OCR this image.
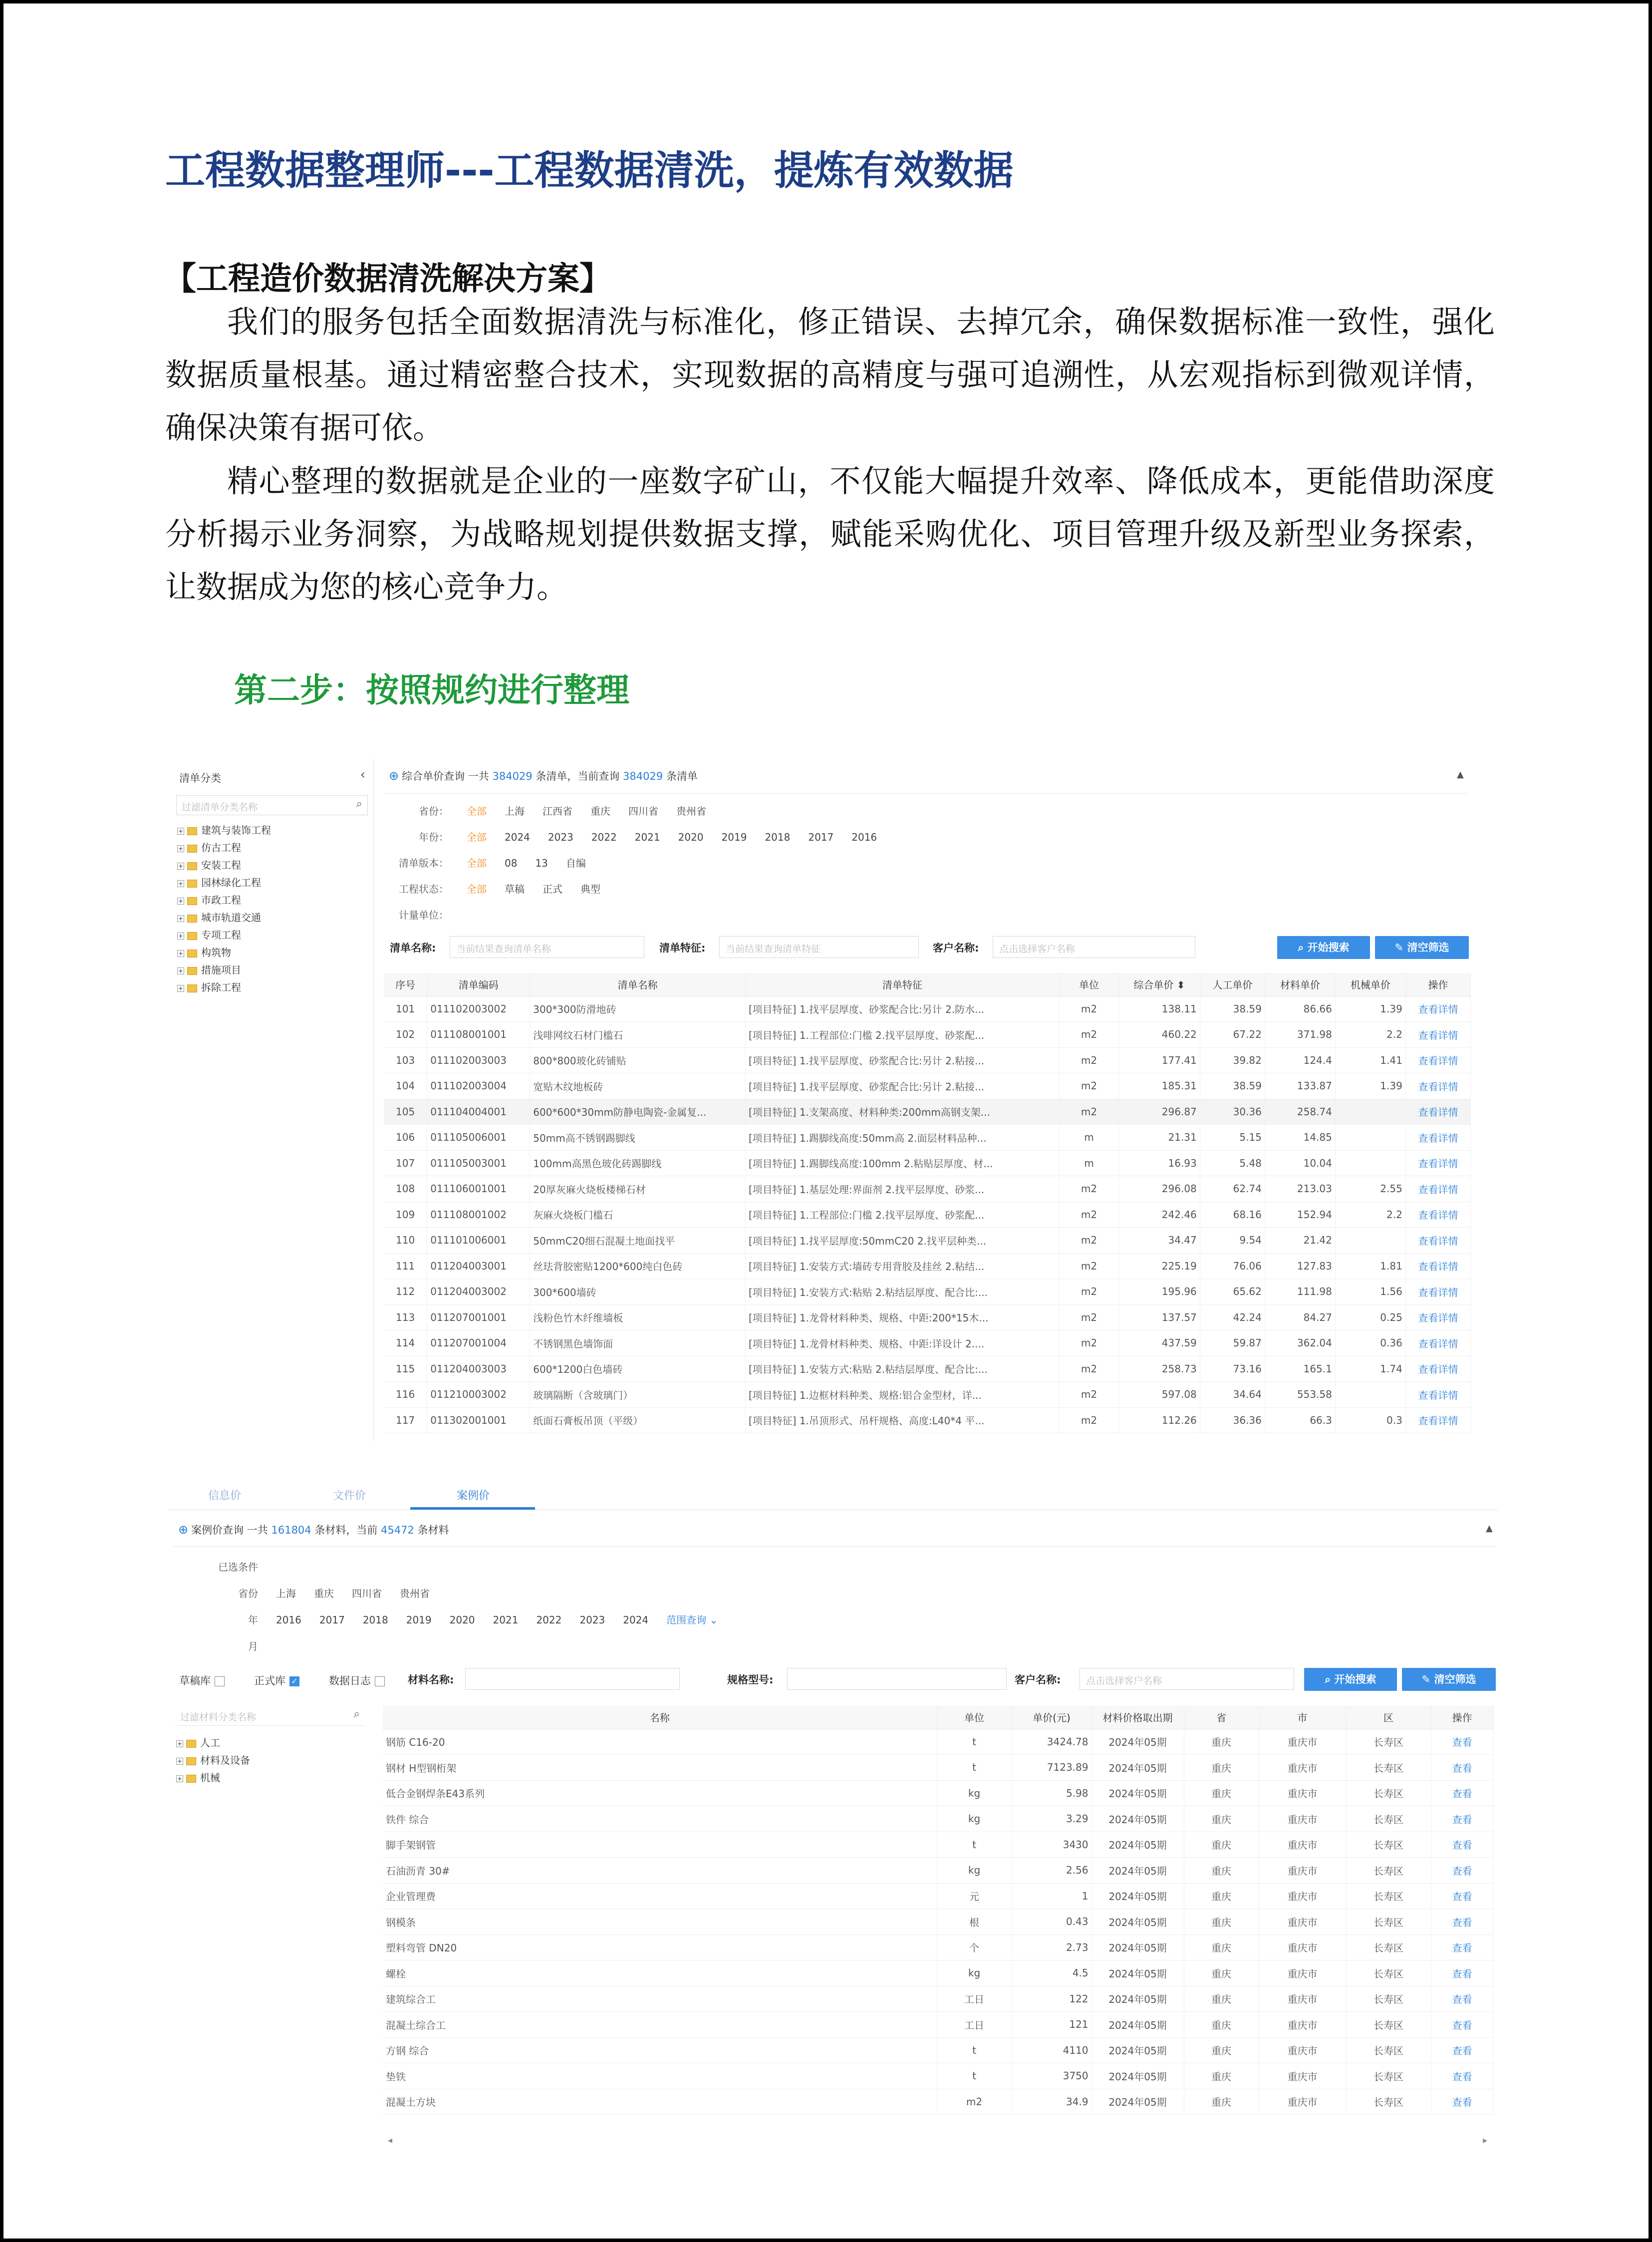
工程数据整理师---工程数据清洗，提炼有效数据
【工程造价数据清洗解决方案】
我们的服务包括全面数据清洗与标准化，修正错误、去掉冗余，确保数据标准一致性，强化数据质量根基。通过精密整合技术，实现数据的高精度与强可追溯性，从宏观指标到微观详情，确保决策有据可依。
精心整理的数据就是企业的一座数字矿山，不仅能大幅提升效率、降低成本，更能借助深度分析揭示业务洞察，为战略规划提供数据支撑，赋能采购优化、项目管理升级及新型业务探索，让数据成为您的核心竞争力。
第二步：按照规约进行整理
清单分类	‹
过滤清单分类名称	⌕
+ 建筑与装饰工程
+ 仿古工程
+ 安装工程
+ 园林绿化工程
+ 市政工程
+ 城市轨道交通
+ 专项工程
+ 构筑物
+ 措施项目
+ 拆除工程
⊕ 综合单价查询 一共 384029 条清单，当前查询 384029 条清单	▲
省份： 全部 上海 江西省 重庆 四川省 贵州省
年份： 全部 2024 2023 2022 2021 2020 2019 2018 2017 2016
清单版本： 全部 08 13 自编
工程状态： 全部 草稿 正式 典型
计量单位：
清单名称:	当前结果查询清单名称	清单特征:	当前结果查询清单特征	客户名称:	点击选择客户名称	⌕ 开始搜索	✎ 清空筛选
序号	清单编码	清单名称	清单特征	单位	综合单价 ⬍	人工单价	材料单价	机械单价	操作
101	011102003002	300*300防滑地砖	[项目特征] 1.找平层厚度、砂浆配合比:另计 2.防水...	m2	138.11	38.59	86.66	1.39	查看详情
102	011108001001	浅啡网纹石材门槛石	[项目特征] 1.工程部位:门槛 2.找平层厚度、砂浆配...	m2	460.22	67.22	371.98	2.2	查看详情
103	011102003003	800*800玻化砖铺贴	[项目特征] 1.找平层厚度、砂浆配合比:另计 2.粘接...	m2	177.41	39.82	124.4	1.41	查看详情
104	011102003004	宽贴木纹地板砖	[项目特征] 1.找平层厚度、砂浆配合比:另计 2.粘接...	m2	185.31	38.59	133.87	1.39	查看详情
105	011104004001	600*600*30mm防静电陶瓷-金属复...	[项目特征] 1.支架高度、材料种类:200mm高钢支架...	m2	296.87	30.36	258.74		查看详情
106	011105006001	50mm高不锈钢踢脚线	[项目特征] 1.踢脚线高度:50mm高 2.面层材料品种...	m	21.31	5.15	14.85		查看详情
107	011105003001	100mm高黑色玻化砖踢脚线	[项目特征] 1.踢脚线高度:100mm 2.粘贴层厚度、材...	m	16.93	5.48	10.04		查看详情
108	011106001001	20厚灰麻火烧板楼梯石材	[项目特征] 1.基层处理:界面剂 2.找平层厚度、砂浆...	m2	296.08	62.74	213.03	2.55	查看详情
109	011108001002	灰麻火烧板门槛石	[项目特征] 1.工程部位:门槛 2.找平层厚度、砂浆配...	m2	242.46	68.16	152.94	2.2	查看详情
110	011101006001	50mmC20细石混凝土地面找平	[项目特征] 1.找平层厚度:50mmC20 2.找平层种类...	m2	34.47	9.54	21.42		查看详情
111	011204003001	丝珐背胶密贴1200*600纯白色砖	[项目特征] 1.安装方式:墙砖专用背胶及挂丝 2.粘结...	m2	225.19	76.06	127.83	1.81	查看详情
112	011204003002	300*600墙砖	[项目特征] 1.安装方式:粘贴 2.粘结层厚度、配合比:...	m2	195.96	65.62	111.98	1.56	查看详情
113	011207001001	浅粉色竹木纤维墙板	[项目特征] 1.龙骨材料种类、规格、中距:200*15木...	m2	137.57	42.24	84.27	0.25	查看详情
114	011207001004	不锈钢黑色墙饰面	[项目特征] 1.龙骨材料种类、规格、中距:详设计 2....	m2	437.59	59.87	362.04	0.36	查看详情
115	011204003003	600*1200白色墙砖	[项目特征] 1.安装方式:粘贴 2.粘结层厚度、配合比:...	m2	258.73	73.16	165.1	1.74	查看详情
116	011210003002	玻璃隔断（含玻璃门）	[项目特征] 1.边框材料种类、规格:铝合金型材，详...	m2	597.08	34.64	553.58		查看详情
117	011302001001	纸面石膏板吊顶（平级）	[项目特征] 1.吊顶形式、吊杆规格、高度:L40*4 平...	m2	112.26	36.36	66.3	0.3	查看详情
信息价	文件价	案例价
⊕ 案例价查询 一共 161804 条材料，当前 45472 条材料	▲
已选条件
省份 上海 重庆 四川省 贵州省
年 2016 2017 2018 2019 2020 2021 2022 2023 2024 范围查询 ⌄
月
草稿库	正式库 ✓	数据日志	材料名称:	规格型号:	客户名称:	点击选择客户名称	⌕ 开始搜索	✎ 清空筛选
过滤材料分类名称	⌕
+ 人工
+ 材料及设备
+ 机械
名称	单位	单价(元)	材料价格取出期	省	市	区	操作
钢筋 C16-20	t	3424.78	2024年05期	重庆	重庆市	长寿区	查看
钢材 H型钢桁架	t	7123.89	2024年05期	重庆	重庆市	长寿区	查看
低合金钢焊条E43系列	kg	5.98	2024年05期	重庆	重庆市	长寿区	查看
铁件 综合	kg	3.29	2024年05期	重庆	重庆市	长寿区	查看
脚手架钢管	t	3430	2024年05期	重庆	重庆市	长寿区	查看
石油沥青 30#	kg	2.56	2024年05期	重庆	重庆市	长寿区	查看
企业管理费	元	1	2024年05期	重庆	重庆市	长寿区	查看
钢模条	根	0.43	2024年05期	重庆	重庆市	长寿区	查看
塑料弯管 DN20	个	2.73	2024年05期	重庆	重庆市	长寿区	查看
螺栓	kg	4.5	2024年05期	重庆	重庆市	长寿区	查看
建筑综合工	工日	122	2024年05期	重庆	重庆市	长寿区	查看
混凝土综合工	工日	121	2024年05期	重庆	重庆市	长寿区	查看
方钢 综合	t	4110	2024年05期	重庆	重庆市	长寿区	查看
垫铁	t	3750	2024年05期	重庆	重庆市	长寿区	查看
混凝土方块	m2	34.9	2024年05期	重庆	重庆市	长寿区	查看
◂	▸
